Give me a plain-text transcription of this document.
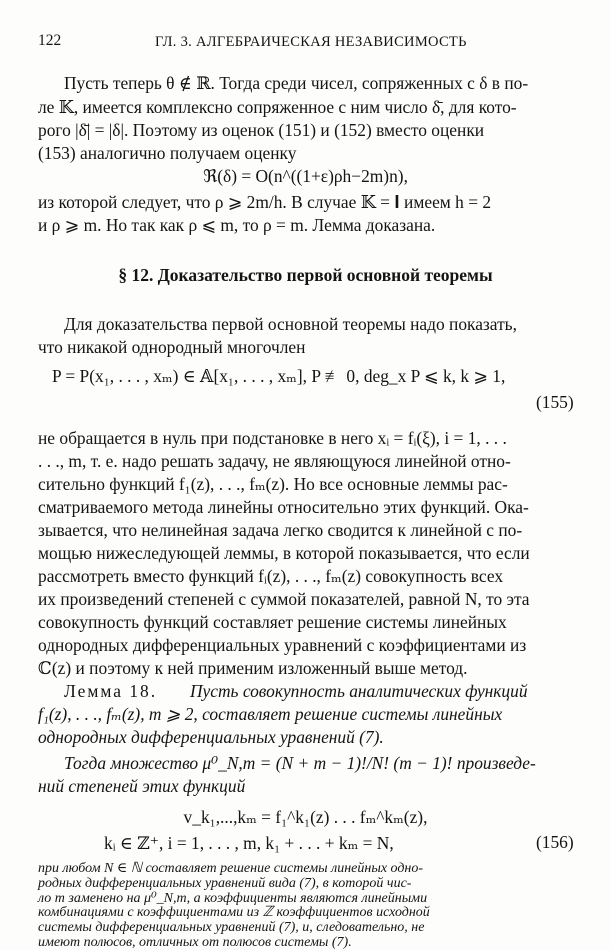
122	ГЛ. 3. АЛГЕБРАИЧЕСКАЯ НЕЗАВИСИМОСТЬ
Пусть теперь θ ∉ ℝ. Тогда среди чисел, сопряженных с δ в по-
ле 𝕂, имеется комплексно сопряженное с ним число δ̄, для кото-
рого |δ̄| = |δ|. Поэтому из оценок (151) и (152) вместо оценки
(153) аналогично получаем оценку
ℜ(δ) = O(n^((1+ε)ρh−2m)n),
из которой следует, что ρ ⩾ 2m/h. В случае 𝕂 = 𝐈 имеем h = 2
и ρ ⩾ m. Но так как ρ ⩽ m, то ρ = m. Лемма доказана.
§ 12. Доказательство первой основной теоремы
Для доказательства первой основной теоремы надо показать,
что никакой однородный многочлен
P = P(x₁, . . . , xₘ) ∈ 𝔸[x₁, . . . , xₘ], P ≢ 0, deg_x P ⩽ k, k ⩾ 1,
(155)
не обращается в нуль при подстановке в него xᵢ = fᵢ(ξ), i = 1, . . .
. . ., m, т. е. надо решать задачу, не являющуюся линейной отно-
сительно функций f₁(z), . . ., fₘ(z). Но все основные леммы рас-
сматриваемого метода линейны относительно этих функций. Ока-
зывается, что нелинейная задача легко сводится к линейной с по-
мощью нижеследующей леммы, в которой показывается, что если
рассмотреть вместо функций fᵢ(z), . . ., fₘ(z) совокупность всех
их произведений степеней с суммой показателей, равной N, то эта
совокупность функций составляет решение системы линейных
однородных дифференциальных уравнений с коэффициентами из
ℂ(z) и поэтому к ней применим изложенный выше метод.
Лемма 18. Пусть совокупность аналитических функций
f₁(z), . . ., fₘ(z), m ⩾ 2, составляет решение системы линейных
однородных дифференциальных уравнений (7).
Тогда множество μ⁰_N,m = (N + m − 1)!/N! (m − 1)! произведе-
ний степеней этих функций
v_k₁,...,kₘ = f₁^k₁(z) . . . fₘ^kₘ(z),
kᵢ ∈ ℤ⁺, i = 1, . . . , m, k₁ + . . . + kₘ = N,	(156)
при любом N ∈ ℕ составляет решение системы линейных одно-
родных дифференциальных уравнений вида (7), в которой чис-
ло m заменено на μ⁰_N,m, а коэффициенты являются линейными
комбинациями с коэффициентами из ℤ коэффициентов исходной
системы дифференциальных уравнений (7), и, следовательно, не
имеют полюсов, отличных от полюсов системы (7).
